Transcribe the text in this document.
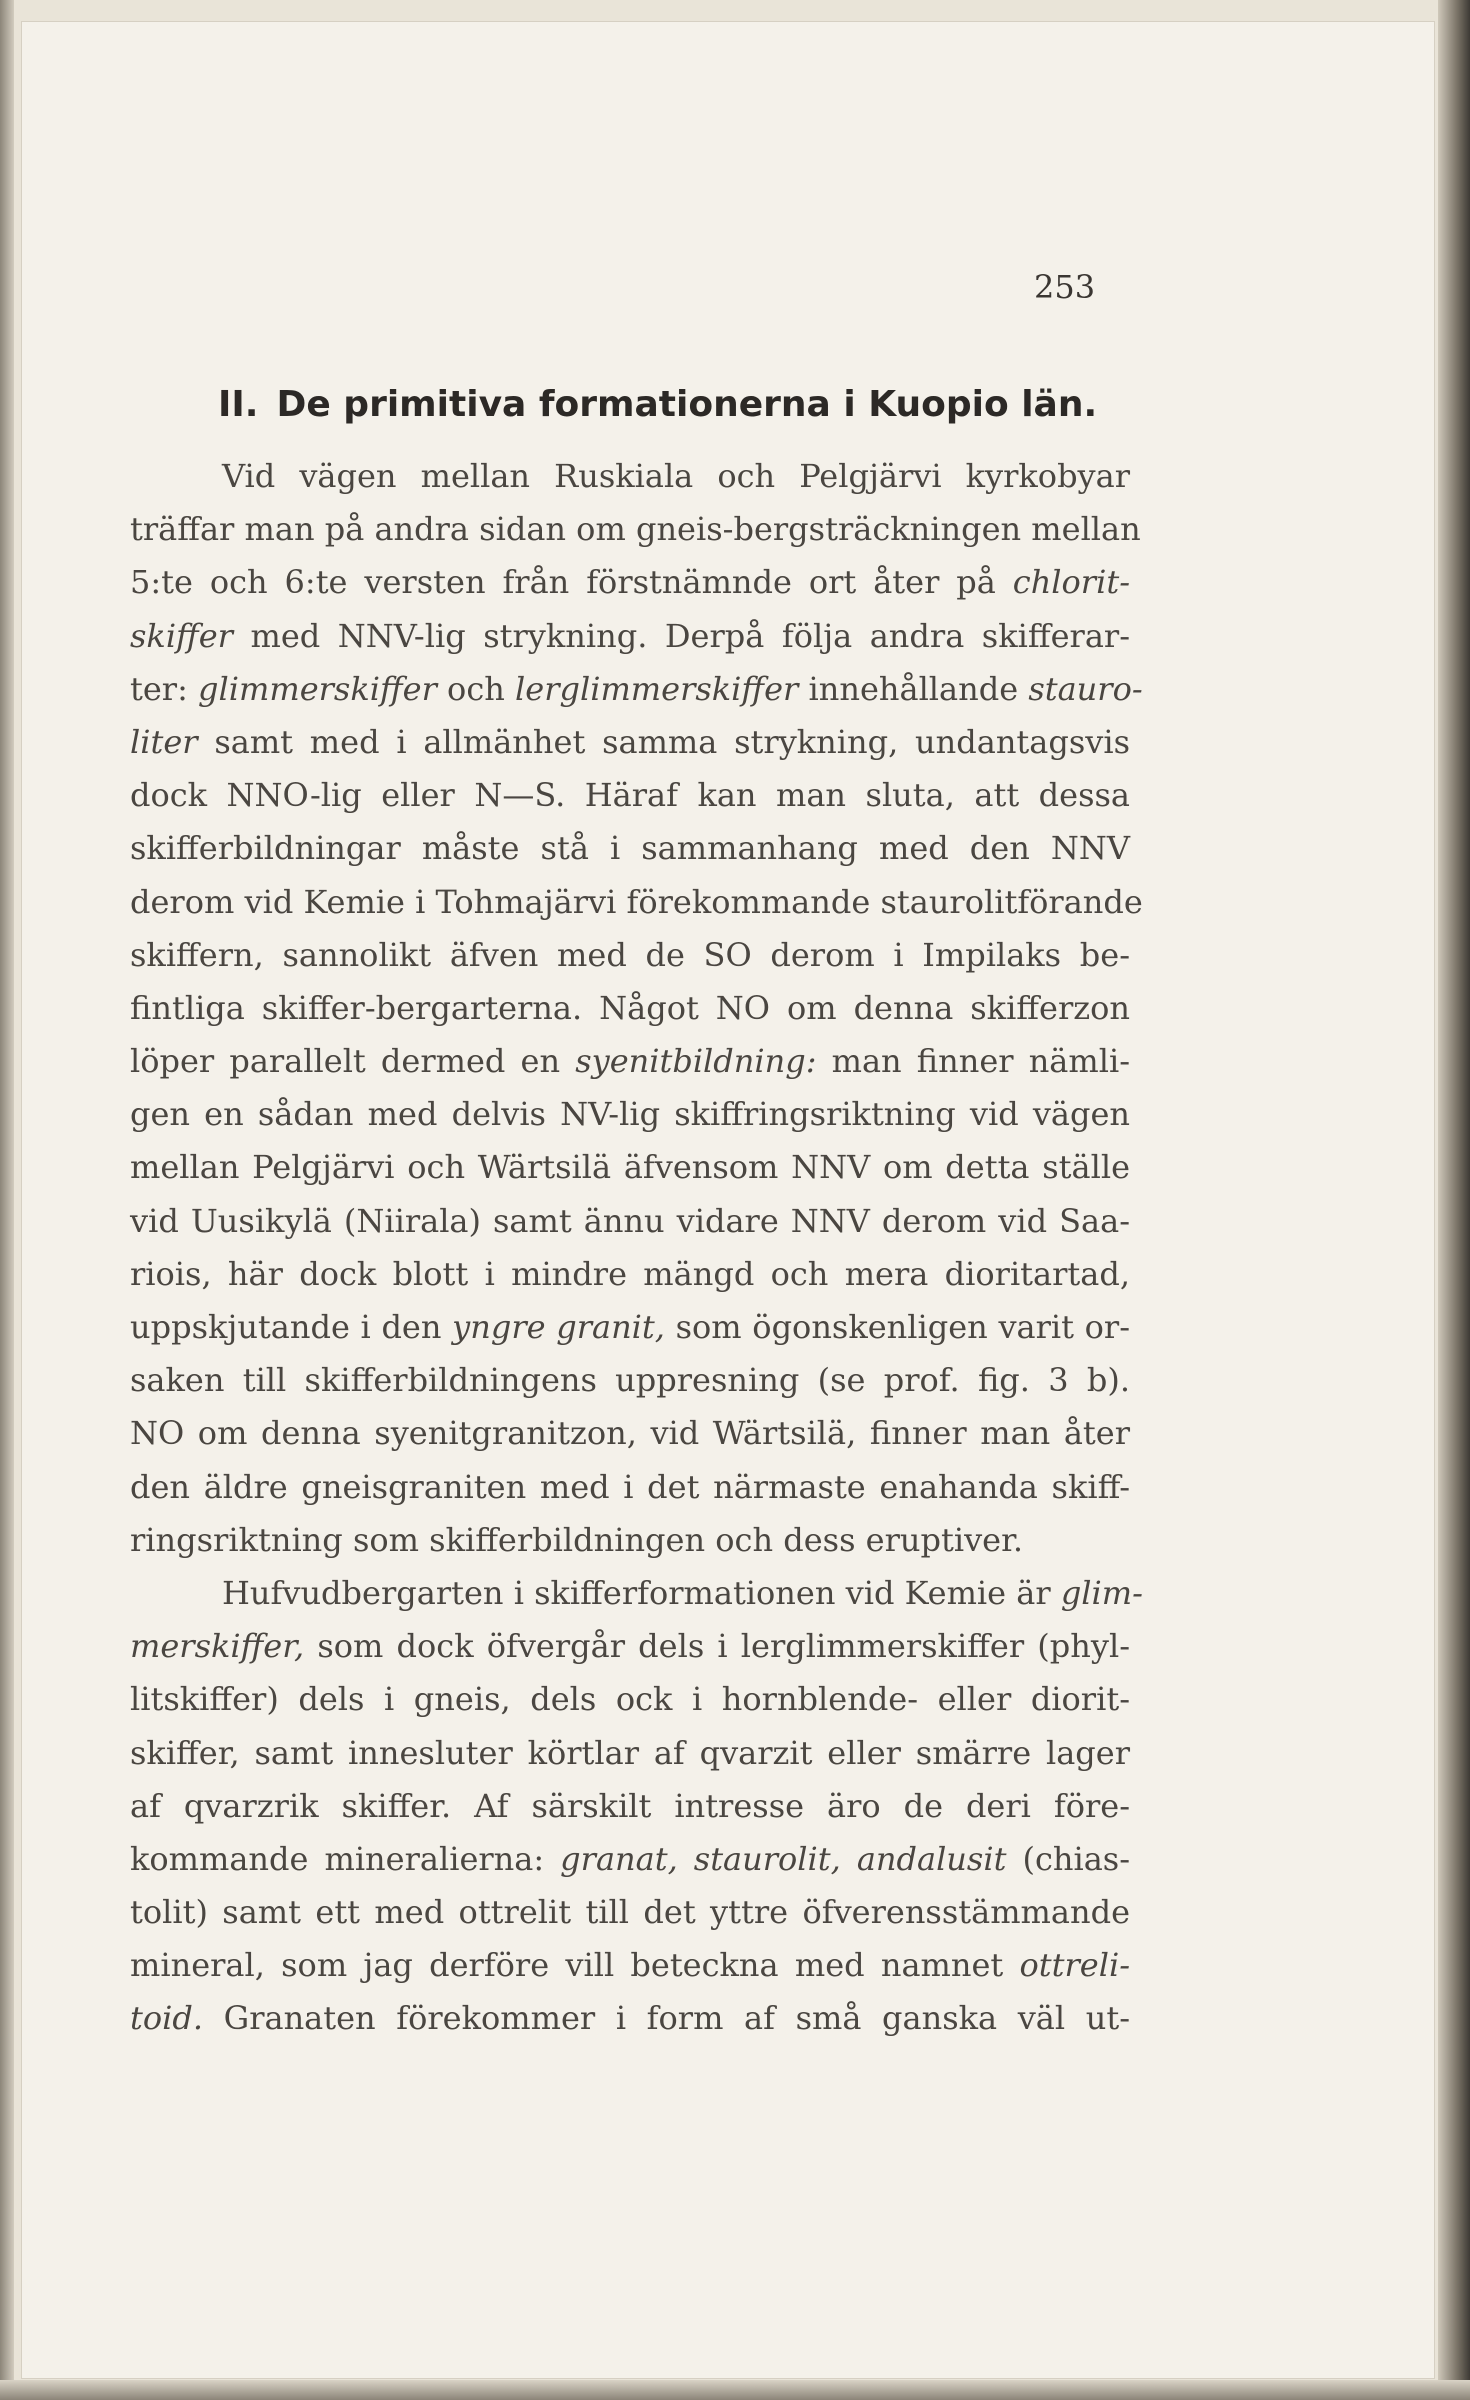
253
II. De primitiva formationerna i Kuopio län.
Vid vägen mellan Ruskiala och Pelgjärvi kyrkobyar
träffar man på andra sidan om gneis-bergsträckningen mellan
5:te och 6:te versten från förstnämnde ort åter på chlorit-
skiffer med NNV-lig strykning. Derpå följa andra skifferar-
ter: glimmerskiffer och lerglimmerskiffer innehållande stauro-
liter samt med i allmänhet samma strykning, undantagsvis
dock NNO-lig eller N—S. Häraf kan man sluta, att dessa
skifferbildningar måste stå i sammanhang med den NNV
derom vid Kemie i Tohmajärvi förekommande staurolitförande
skiffern, sannolikt äfven med de SO derom i Impilaks be-
fintliga skiffer-bergarterna. Något NO om denna skifferzon
löper parallelt dermed en syenitbildning: man finner nämli-
gen en sådan med delvis NV-lig skiffringsriktning vid vägen
mellan Pelgjärvi och Wärtsilä äfvensom NNV om detta ställe
vid Uusikylä (Niirala) samt ännu vidare NNV derom vid Saa-
riois, här dock blott i mindre mängd och mera dioritartad,
uppskjutande i den yngre granit, som ögonskenligen varit or-
saken till skifferbildningens uppresning (se prof. fig. 3 b).
NO om denna syenitgranitzon, vid Wärtsilä, finner man åter
den äldre gneisgraniten med i det närmaste enahanda skiff-
ringsriktning som skifferbildningen och dess eruptiver.
Hufvudbergarten i skifferformationen vid Kemie är glim-
merskiffer, som dock öfvergår dels i lerglimmerskiffer (phyl-
litskiffer) dels i gneis, dels ock i hornblende- eller diorit-
skiffer, samt innesluter körtlar af qvarzit eller smärre lager
af qvarzrik skiffer. Af särskilt intresse äro de deri före-
kommande mineralierna: granat, staurolit, andalusit (chias-
tolit) samt ett med ottrelit till det yttre öfverensstämmande
mineral, som jag derföre vill beteckna med namnet ottreli-
toid. Granaten förekommer i form af små ganska väl ut-
